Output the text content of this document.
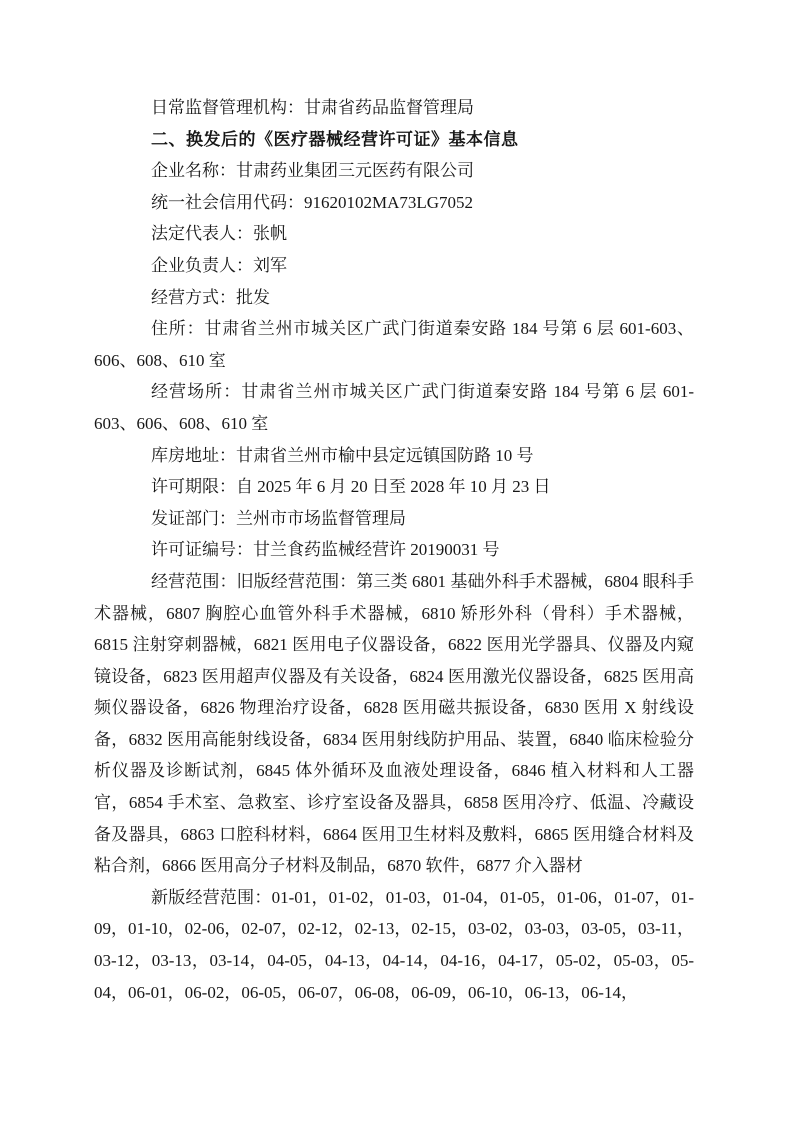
日常监督管理机构：甘肃省药品监督管理局

二、换发后的《医疗器械经营许可证》基本信息

企业名称：甘肃药业集团三元医药有限公司

统一社会信用代码：91620102MA73LG7052

法定代表人：张帆

企业负责人：刘军

经营方式：批发

住所：甘肃省兰州市城关区广武门街道秦安路 184 号第 6 层 601-603、606、608、610 室

经营场所：甘肃省兰州市城关区广武门街道秦安路 184 号第 6 层 601-603、606、608、610 室

库房地址：甘肃省兰州市榆中县定远镇国防路 10 号

许可期限：自 2025 年 6 月 20 日至 2028 年 10 月 23 日

发证部门：兰州市市场监督管理局

许可证编号：甘兰食药监械经营许 20190031 号

经营范围：旧版经营范围：第三类 6801 基础外科手术器械，6804 眼科手术器械，6807 胸腔心血管外科手术器械，6810 矫形外科（骨科）手术器械，6815 注射穿刺器械，6821 医用电子仪器设备，6822 医用光学器具、仪器及内窥镜设备，6823 医用超声仪器及有关设备，6824 医用激光仪器设备，6825 医用高频仪器设备，6826 物理治疗设备，6828 医用磁共振设备，6830 医用 X 射线设备，6832 医用高能射线设备，6834 医用射线防护用品、装置，6840 临床检验分析仪器及诊断试剂，6845 体外循环及血液处理设备，6846 植入材料和人工器官，6854 手术室、急救室、诊疗室设备及器具，6858 医用冷疗、低温、冷藏设备及器具，6863 口腔科材料，6864 医用卫生材料及敷料，6865 医用缝合材料及粘合剂，6866 医用高分子材料及制品，6870 软件，6877 介入器材

新版经营范围：01-01，01-02，01-03，01-04，01-05，01-06，01-07，01-09，01-10，02-06，02-07，02-12，02-13，02-15，03-02，03-03，03-05，03-11，03-12，03-13，03-14，04-05，04-13，04-14，04-16，04-17，05-02，05-03，05-04，06-01，06-02，06-05，06-07，06-08，06-09，06-10，06-13，06-14，
